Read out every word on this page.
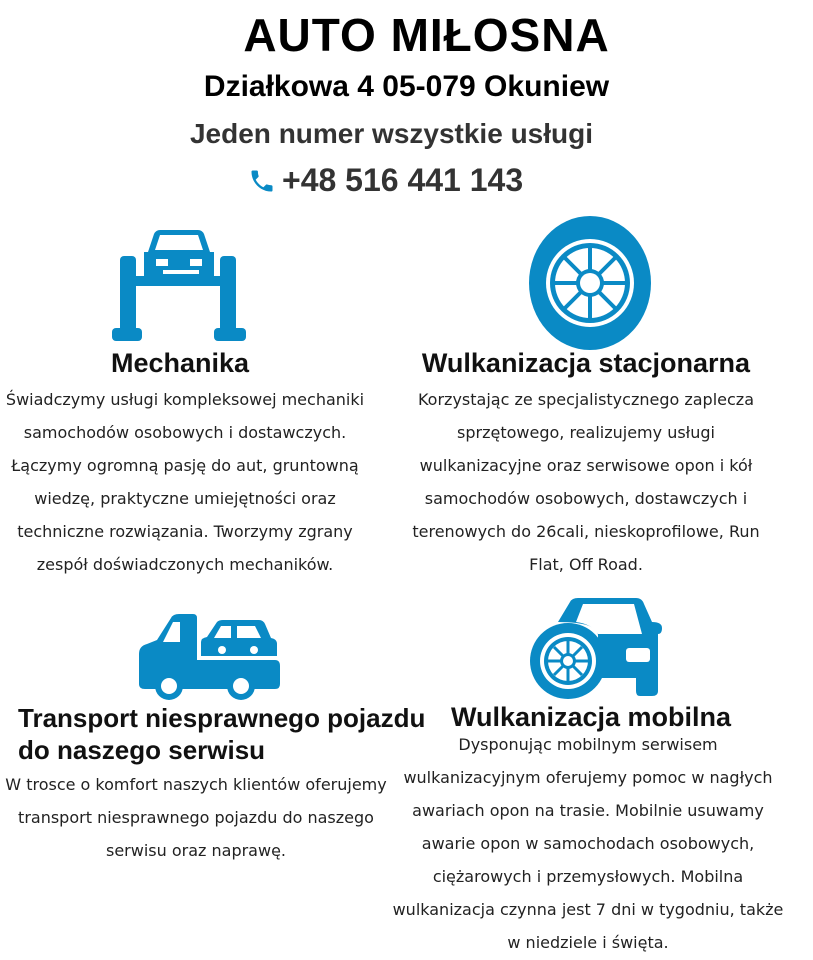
AUTO MIŁOSNA
Działkowa 4 05-079 Okuniew
Jeden numer wszystkie usługi
+48 516 441 143
Mechanika
Świadczymy usługi kompleksowej mechaniki
samochodów osobowych i dostawczych.
Łączymy ogromną pasję do aut, gruntowną
wiedzę, praktyczne umiejętności oraz
techniczne rozwiązania. Tworzymy zgrany
zespół doświadczonych mechaników.
Wulkanizacja stacjonarna
Korzystając ze specjalistycznego zaplecza
sprzętowego, realizujemy usługi
wulkanizacyjne oraz serwisowe opon i kół
samochodów osobowych, dostawczych i
terenowych do 26cali, nieskoprofilowe, Run
Flat, Off Road.
Transport niesprawnego pojazdu
do naszego serwisu
W trosce o komfort naszych klientów oferujemy
transport niesprawnego pojazdu do naszego
serwisu oraz naprawę.
Wulkanizacja mobilna
Dysponując mobilnym serwisem
wulkanizacyjnym oferujemy pomoc w nagłych
awariach opon na trasie. Mobilnie usuwamy
awarie opon w samochodach osobowych,
ciężarowych i przemysłowych. Mobilna
wulkanizacja czynna jest 7 dni w tygodniu, także
w niedziele i święta.
